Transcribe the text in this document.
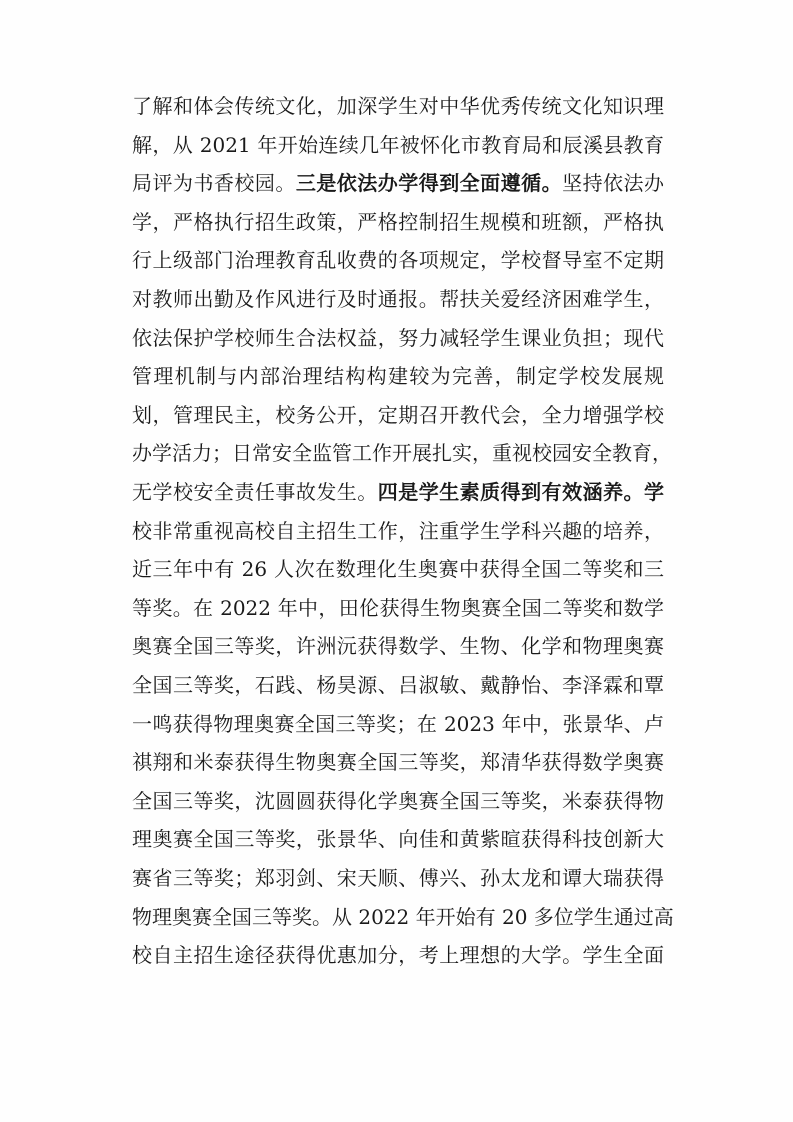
了解和体会传统文化，加深学生对中华优秀传统文化知识理
解，从 2021 年开始连续几年被怀化市教育局和辰溪县教育
局评为书香校园。三是依法办学得到全面遵循。坚持依法办
学，严格执行招生政策，严格控制招生规模和班额，严格执
行上级部门治理教育乱收费的各项规定，学校督导室不定期
对教师出勤及作风进行及时通报。帮扶关爱经济困难学生，
依法保护学校师生合法权益，努力减轻学生课业负担；现代
管理机制与内部治理结构构建较为完善，制定学校发展规
划，管理民主，校务公开，定期召开教代会，全力增强学校
办学活力；日常安全监管工作开展扎实，重视校园安全教育，
无学校安全责任事故发生。四是学生素质得到有效涵养。学
校非常重视高校自主招生工作，注重学生学科兴趣的培养，
近三年中有 26 人次在数理化生奥赛中获得全国二等奖和三
等奖。在 2022 年中，田伦获得生物奥赛全国二等奖和数学
奥赛全国三等奖，许洲沅获得数学、生物、化学和物理奥赛
全国三等奖，石践、杨昊源、吕淑敏、戴静怡、李泽霖和覃
一鸣获得物理奥赛全国三等奖；在 2023 年中，张景华、卢
祺翔和米泰获得生物奥赛全国三等奖，郑清华获得数学奥赛
全国三等奖，沈圆圆获得化学奥赛全国三等奖，米泰获得物
理奥赛全国三等奖，张景华、向佳和黄紫暄获得科技创新大
赛省三等奖；郑羽剑、宋天顺、傅兴、孙太龙和谭大瑞获得
物理奥赛全国三等奖。从 2022 年开始有 20 多位学生通过高
校自主招生途径获得优惠加分，考上理想的大学。学生全面
